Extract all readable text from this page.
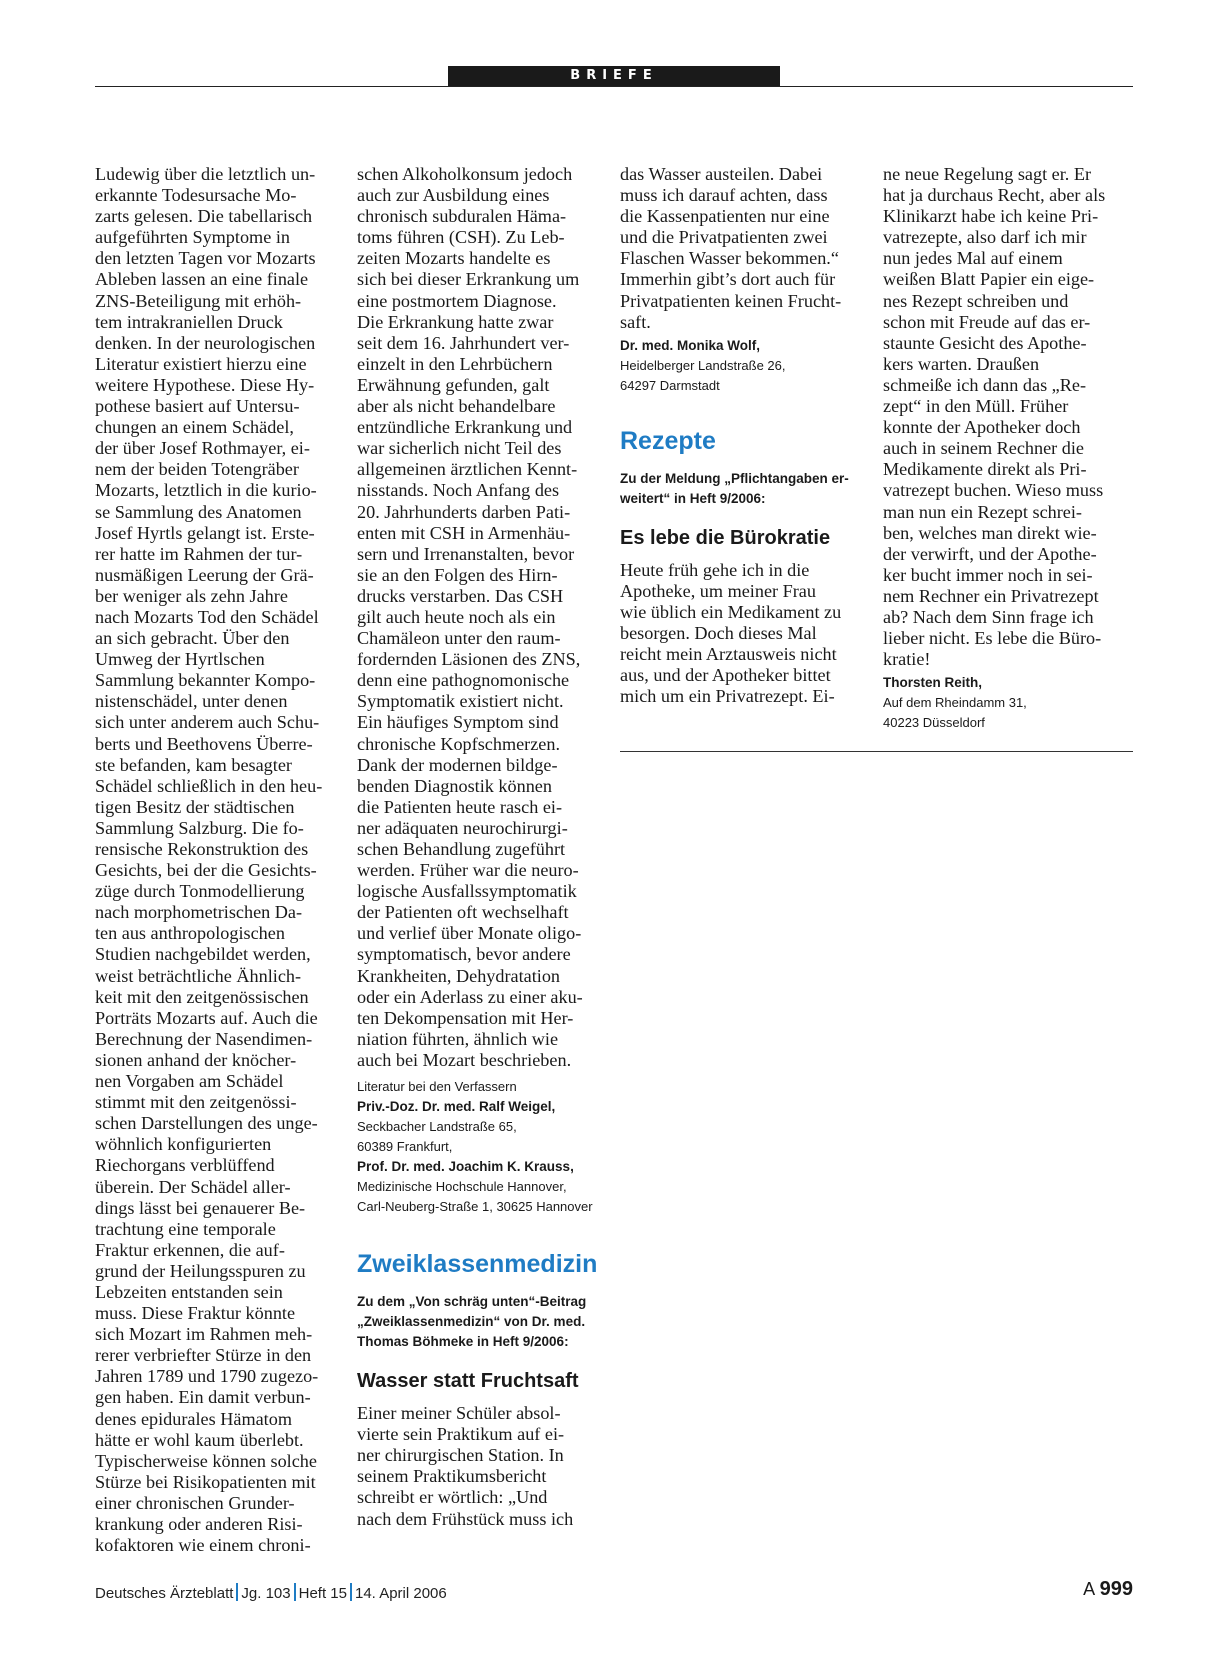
BRIEFE
Ludewig über die letztlich un-
erkannte Todesursache Mo-
zarts gelesen. Die tabellarisch
aufgeführten Symptome in
den letzten Tagen vor Mozarts
Ableben lassen an eine finale
ZNS-Beteiligung mit erhöh-
tem intrakraniellen Druck
denken. In der neurologischen
Literatur existiert hierzu eine
weitere Hypothese. Diese Hy-
pothese basiert auf Untersu-
chungen an einem Schädel,
der über Josef Rothmayer, ei-
nem der beiden Totengräber
Mozarts, letztlich in die kurio-
se Sammlung des Anatomen
Josef Hyrtls gelangt ist. Erste-
rer hatte im Rahmen der tur-
nusmäßigen Leerung der Grä-
ber weniger als zehn Jahre
nach Mozarts Tod den Schädel
an sich gebracht. Über den
Umweg der Hyrtlschen
Sammlung bekannter Kompo-
nistenschädel, unter denen
sich unter anderem auch Schu-
berts und Beethovens Überre-
ste befanden, kam besagter
Schädel schließlich in den heu-
tigen Besitz der städtischen
Sammlung Salzburg. Die fo-
rensische Rekonstruktion des
Gesichts, bei der die Gesichts-
züge durch Tonmodellierung
nach morphometrischen Da-
ten aus anthropologischen
Studien nachgebildet werden,
weist beträchtliche Ähnlich-
keit mit den zeitgenössischen
Porträts Mozarts auf. Auch die
Berechnung der Nasendimen-
sionen anhand der knöcher-
nen Vorgaben am Schädel
stimmt mit den zeitgenössi-
schen Darstellungen des unge-
wöhnlich konfigurierten
Riechorgans verblüffend
überein. Der Schädel aller-
dings lässt bei genauerer Be-
trachtung eine temporale
Fraktur erkennen, die auf-
grund der Heilungsspuren zu
Lebzeiten entstanden sein
muss. Diese Fraktur könnte
sich Mozart im Rahmen meh-
rerer verbriefter Stürze in den
Jahren 1789 und 1790 zugezo-
gen haben. Ein damit verbun-
denes epidurales Hämatom
hätte er wohl kaum überlebt.
Typischerweise können solche
Stürze bei Risikopatienten mit
einer chronischen Grunder-
krankung oder anderen Risi-
kofaktoren wie einem chroni-
schen Alkoholkonsum jedoch
auch zur Ausbildung eines
chronisch subduralen Häma-
toms führen (CSH). Zu Leb-
zeiten Mozarts handelte es
sich bei dieser Erkrankung um
eine postmortem Diagnose.
Die Erkrankung hatte zwar
seit dem 16. Jahrhundert ver-
einzelt in den Lehrbüchern
Erwähnung gefunden, galt
aber als nicht behandelbare
entzündliche Erkrankung und
war sicherlich nicht Teil des
allgemeinen ärztlichen Kennt-
nisstands. Noch Anfang des
20. Jahrhunderts darben Pati-
enten mit CSH in Armenhäu-
sern und Irrenanstalten, bevor
sie an den Folgen des Hirn-
drucks verstarben. Das CSH
gilt auch heute noch als ein
Chamäleon unter den raum-
fordernden Läsionen des ZNS,
denn eine pathognomonische
Symptomatik existiert nicht.
Ein häufiges Symptom sind
chronische Kopfschmerzen.
Dank der modernen bildge-
benden Diagnostik können
die Patienten heute rasch ei-
ner adäquaten neurochirurgi-
schen Behandlung zugeführt
werden. Früher war die neuro-
logische Ausfallssymptomatik
der Patienten oft wechselhaft
und verlief über Monate oligo-
symptomatisch, bevor andere
Krankheiten, Dehydratation
oder ein Aderlass zu einer aku-
ten Dekompensation mit Her-
niation führten, ähnlich wie
auch bei Mozart beschrieben.
Literatur bei den Verfassern
Priv.-Doz. Dr. med. Ralf Weigel,
Seckbacher Landstraße 65,
60389 Frankfurt,
Prof. Dr. med. Joachim K. Krauss,
Medizinische Hochschule Hannover,
Carl-Neuberg-Straße 1, 30625 Hannover
Zweiklassenmedizin
Zu dem „Von schräg unten“-Beitrag
„Zweiklassenmedizin“ von Dr. med.
Thomas Böhmeke in Heft 9/2006:
Wasser statt Fruchtsaft
Einer meiner Schüler absol-
vierte sein Praktikum auf ei-
ner chirurgischen Station. In
seinem Praktikumsbericht
schreibt er wörtlich: „Und
nach dem Frühstück muss ich
das Wasser austeilen. Dabei
muss ich darauf achten, dass
die Kassenpatienten nur eine
und die Privatpatienten zwei
Flaschen Wasser bekommen.“
Immerhin gibt’s dort auch für
Privatpatienten keinen Frucht-
saft.
Dr. med. Monika Wolf,
Heidelberger Landstraße 26,
64297 Darmstadt
Rezepte
Zu der Meldung „Pflichtangaben er-
weitert“ in Heft 9/2006:
Es lebe die Bürokratie
Heute früh gehe ich in die
Apotheke, um meiner Frau
wie üblich ein Medikament zu
besorgen. Doch dieses Mal
reicht mein Arztausweis nicht
aus, und der Apotheker bittet
mich um ein Privatrezept. Ei-
ne neue Regelung sagt er. Er
hat ja durchaus Recht, aber als
Klinikarzt habe ich keine Pri-
vatrezepte, also darf ich mir
nun jedes Mal auf einem
weißen Blatt Papier ein eige-
nes Rezept schreiben und
schon mit Freude auf das er-
staunte Gesicht des Apothe-
kers warten. Draußen
schmeiße ich dann das „Re-
zept“ in den Müll. Früher
konnte der Apotheker doch
auch in seinem Rechner die
Medikamente direkt als Pri-
vatrezept buchen. Wieso muss
man nun ein Rezept schrei-
ben, welches man direkt wie-
der verwirft, und der Apothe-
ker bucht immer noch in sei-
nem Rechner ein Privatrezept
ab? Nach dem Sinn frage ich
lieber nicht. Es lebe die Büro-
kratie!
Thorsten Reith,
Auf dem Rheindamm 31,
40223 Düsseldorf
Deutsches Ärzteblatt Jg. 103 Heft 15 14. April 2006	A 999
